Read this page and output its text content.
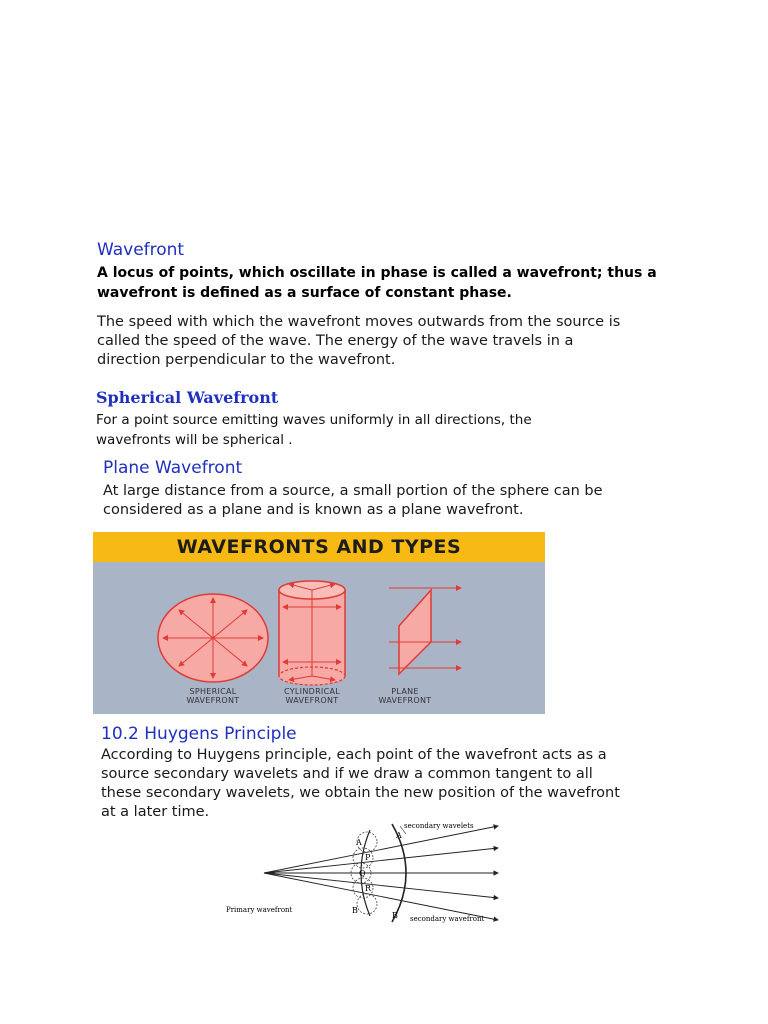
Wavefront
A locus of points, which oscillate in phase is called a wavefront; thus a
wavefront is defined as a surface of constant phase.
The speed with which the wavefront moves outwards from the source is
called the speed of the wave. The energy of the wave travels in a
direction perpendicular to the wavefront.
Spherical Wavefront
For a point source emitting waves uniformly in all directions, the
wavefronts will be spherical .
Plane Wavefront
At large distance from a source, a small portion of the sphere can be
considered as a plane and is known as a plane wavefront.
WAVEFRONTS AND TYPES
SPHERICAL
WAVEFRONT
CYLINDRICAL
WAVEFRONT
PLANE
WAVEFRONT
10.2 Huygens Principle
According to Huygens principle, each point of the wavefront acts as a
source secondary wavelets and if we draw a common tangent to all
these secondary wavelets, we obtain the new position of the wavefront
at a later time.
A
P
Q
R
B
A
B
secondary wavelets
Primary wavefront
secondary wavefront
